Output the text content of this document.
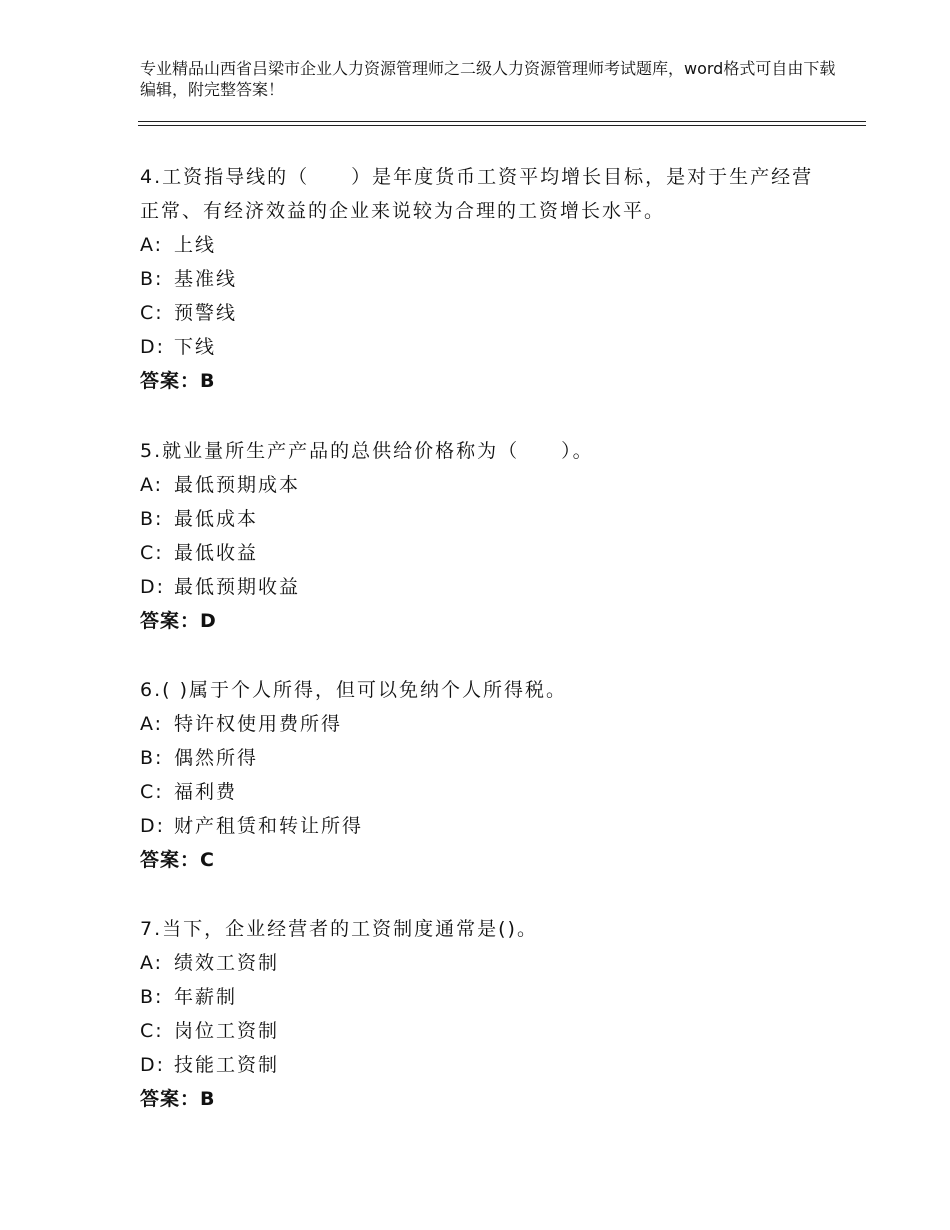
专业精品山西省吕梁市企业人力资源管理师之二级人力资源管理师考试题库，word格式可自由下载编辑，附完整答案！

4.工资指导线的（　　）是年度货币工资平均增长目标，是对于生产经营正常、有经济效益的企业来说较为合理的工资增长水平。

A: 上线
B: 基准线
C: 预警线
D: 下线
答案：B

5.就业量所生产产品的总供给价格称为（　　）。

A: 最低预期成本
B: 最低成本
C: 最低收益
D: 最低预期收益
答案：D

6.( )属于个人所得，但可以免纳个人所得税。

A: 特许权使用费所得
B: 偶然所得
C: 福利费
D: 财产租赁和转让所得
答案：C

7.当下，企业经营者的工资制度通常是()。

A: 绩效工资制
B: 年薪制
C: 岗位工资制
D: 技能工资制
答案：B
